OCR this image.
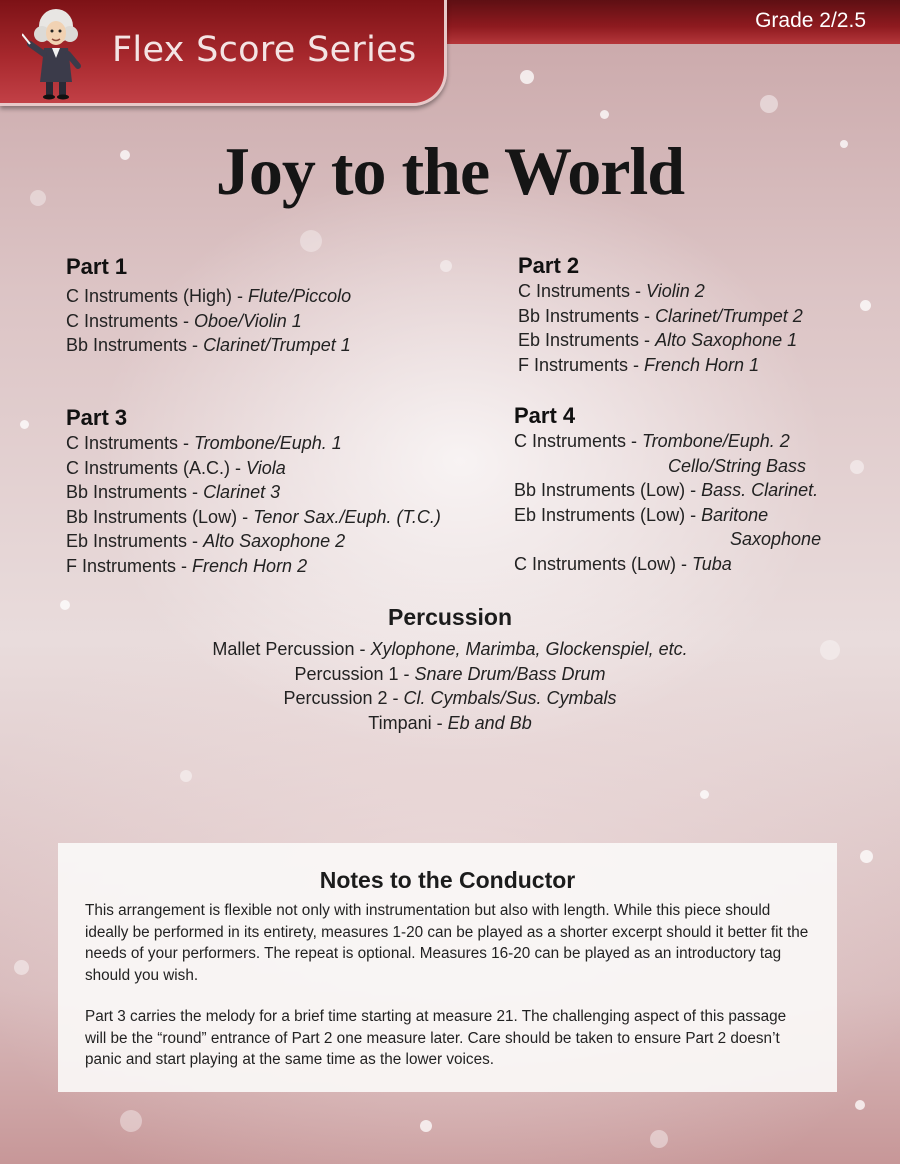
Grade 2/2.5
Flex Score Series
Joy to the World
Part 1
C Instruments (High) - Flute/Piccolo
C Instruments - Oboe/Violin 1
Bb Instruments - Clarinet/Trumpet 1
Part 2
C Instruments - Violin 2
Bb Instruments - Clarinet/Trumpet 2
Eb Instruments - Alto Saxophone 1
F Instruments - French Horn 1
Part 3
C Instruments - Trombone/Euph. 1
C Instruments (A.C.) - Viola
Bb Instruments - Clarinet 3
Bb Instruments (Low) - Tenor Sax./Euph. (T.C.)
Eb Instruments - Alto Saxophone 2
F Instruments - French Horn 2
Part 4
C Instruments - Trombone/Euph. 2
Cello/String Bass
Bb Instruments (Low) - Bass. Clarinet.
Eb Instruments (Low) - Baritone
Saxophone
C Instruments (Low) - Tuba
Percussion
Mallet Percussion - Xylophone, Marimba, Glockenspiel, etc.
Percussion 1 - Snare Drum/Bass Drum
Percussion 2 - Cl. Cymbals/Sus. Cymbals
Timpani - Eb and Bb
Notes to the Conductor

This arrangement is flexible not only with instrumentation but also with length. While this piece should ideally be performed in its entirety, measures 1-20 can be played as a shorter excerpt should it better fit the needs of your performers. The repeat is optional. Measures 16-20 can be played as an introductory tag should you wish.

Part 3 carries the melody for a brief time starting at measure 21. The challenging aspect of this passage will be the “round” entrance of Part 2 one measure later. Care should be taken to ensure Part 2 doesn’t panic and start playing at the same time as the lower voices.
